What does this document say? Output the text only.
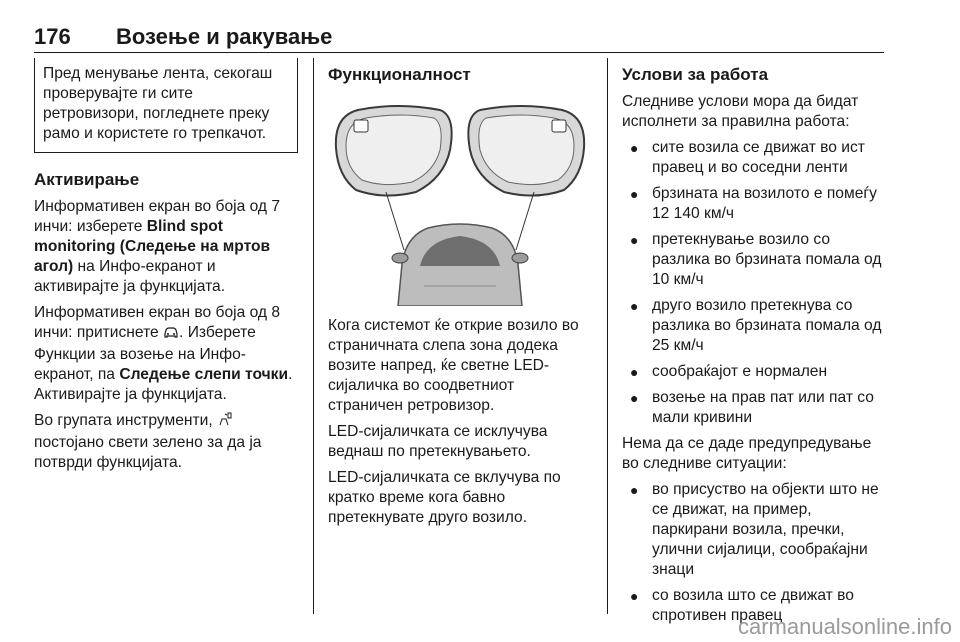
176 Возење и ракување

Пред менување лента, секогаш проверувајте ги сите ретровизори, погледнете преку рамо и користете го трепкачот.

Активирање

Информативен екран во боја од 7 инчи: изберете Blind spot monitoring (Следење на мртов агол) на Инфо-екранот и активирајте ја функцијата.

Информативен екран во боја од 8 инчи: притиснете . Изберете Функции за возење на Инфо-екранот, па Следење слепи точки.

Активирајте ја функцијата.

Во групата инструменти,  постојано свети зелено за да ја потврди функцијата.

Функционалност

Кога системот ќе открие возило во страничната слепа зона додека возите напред, ќе светне LED-сијаличка во соодветниот страничен ретровизор.

LED-сијаличката се исклучува веднаш по претекнувањето.

LED-сијаличката се вклучува по кратко време кога бавно претекнувате друго возило.

Услови за работа

Следниве услови мора да бидат исполнети за правилна работа:

● сите возила се движат во ист правец и во соседни ленти
● брзината на возилото е помеѓу 12 140 км/ч
● претекнување возило со разлика во брзината помала од 10 км/ч
● друго возило претекнува со разлика во брзината помала од 25 км/ч
● сообраќајот е нормален
● возење на прав пат или пат со мали кривини

Нема да се даде предупредување во следниве ситуации:

● во присуство на објекти што не се движат, на пример, паркирани возила, пречки, улични сијалици, сообраќајни знаци
● со возила што се движат во спротивен правец
carmanualsonline.info
